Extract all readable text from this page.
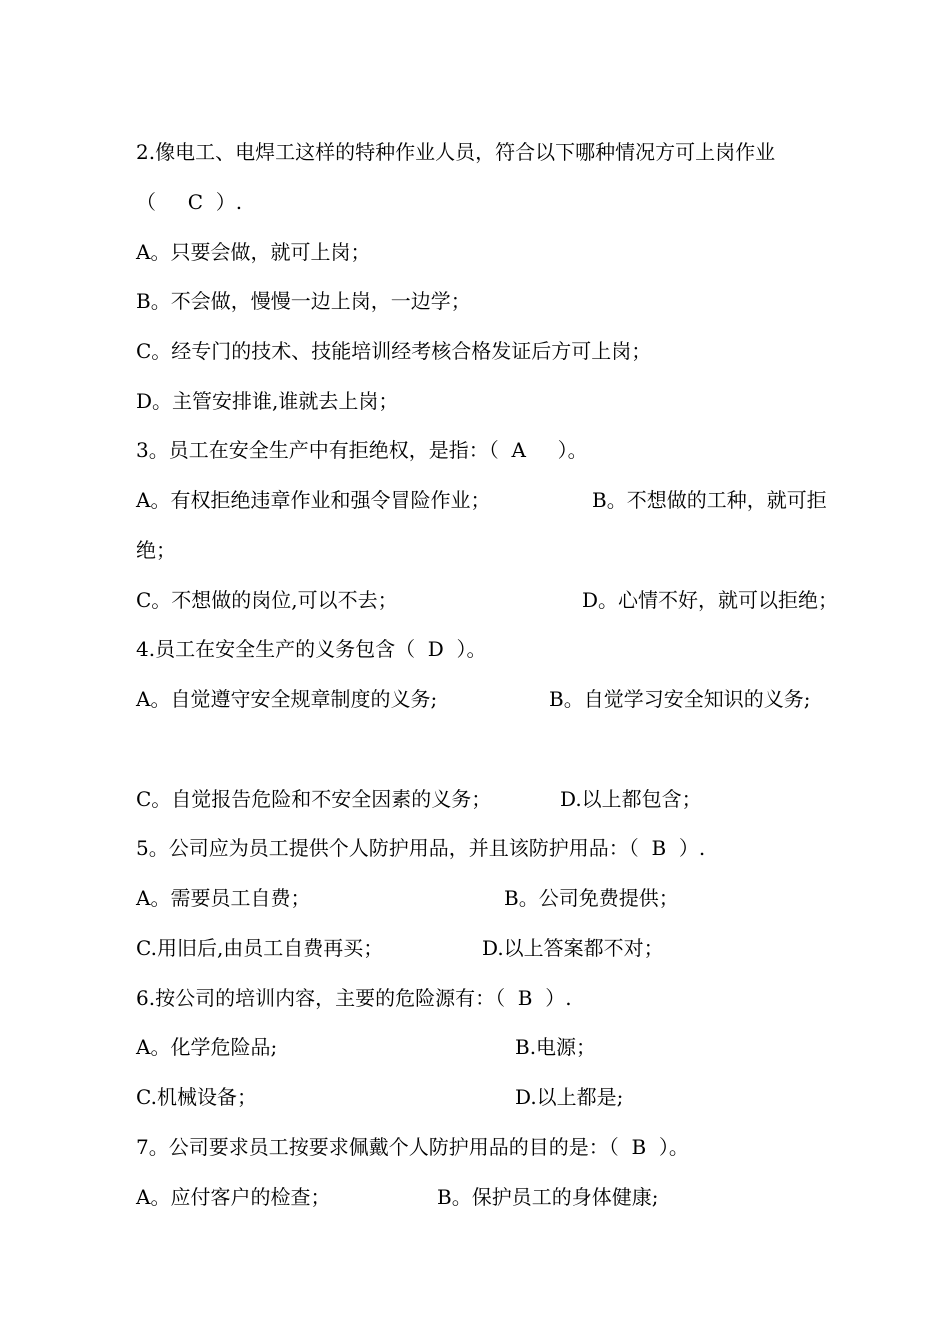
2.像电工、电焊工这样的特种作业人员，符合以下哪种情况方可上岗作业
（     C  ）.
A。只要会做，就可上岗；
B。不会做，慢慢一边上岗，一边学；
C。经专门的技术、技能培训经考核合格发证后方可上岗；
D。主管安排谁,谁就去上岗；
3。员工在安全生产中有拒绝权，是指：（  A     ）。
A。有权拒绝违章作业和强令冒险作业；	B。不想做的工种，就可拒
绝；
C。不想做的岗位,可以不去；	D。心情不好，就可以拒绝；
4.员工在安全生产的义务包含（  D  ）。
A。自觉遵守安全规章制度的义务;	B。自觉学习安全知识的义务;
C。自觉报告危险和不安全因素的义务；	D.以上都包含；
5。公司应为员工提供个人防护用品，并且该防护用品：（  B  ）.
A。需要员工自费；	B。公司免费提供；
C.用旧后,由员工自费再买；	D.以上答案都不对；
6.按公司的培训内容，主要的危险源有：（  B  ）.
A。化学危险品;	B.电源；
C.机械设备；	D.以上都是;
7。公司要求员工按要求佩戴个人防护用品的目的是：（  B  ）。
A。应付客户的检查；	B。保护员工的身体健康;
